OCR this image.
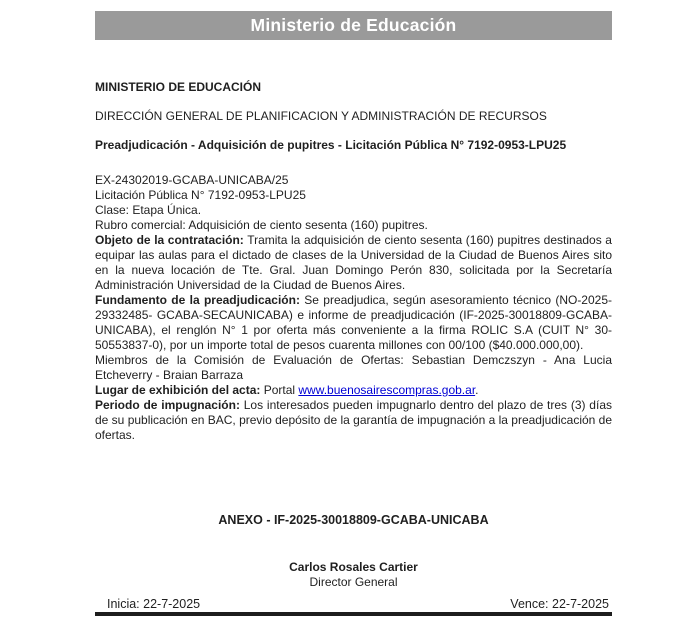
Ministerio de Educación

MINISTERIO DE EDUCACIÓN

DIRECCIÓN GENERAL DE PLANIFICACION Y ADMINISTRACIÓN DE RECURSOS

Preadjudicación - Adquisición de pupitres - Licitación Pública N° 7192-0953-LPU25

EX-24302019-GCABA-UNICABA/25

Licitación Pública N° 7192-0953-LPU25

Clase: Etapa Única.

Rubro comercial: Adquisición de ciento sesenta (160) pupitres.

Objeto de la contratación: Tramita la adquisición de ciento sesenta (160) pupitres destinados a equipar las aulas para el dictado de clases de la Universidad de la Ciudad de Buenos Aires sito en la nueva locación de Tte. Gral. Juan Domingo Perón 830, solicitada por la Secretaría Administración Universidad de la Ciudad de Buenos Aires.

Fundamento de la preadjudicación: Se preadjudica, según asesoramiento técnico (NO-2025-29332485- GCABA-SECAUNICABA) e informe de preadjudicación (IF-2025-30018809-GCABA-UNICABA), el renglón N° 1 por oferta más conveniente a la firma ROLIC S.A (CUIT N° 30-50553837-0), por un importe total de pesos cuarenta millones con 00/100 ($40.000.000,00).

Miembros de la Comisión de Evaluación de Ofertas: Sebastian Demczszyn - Ana Lucia Etcheverry - Braian Barraza

Lugar de exhibición del acta: Portal www.buenosairescompras.gob.ar.

Periodo de impugnación: Los interesados pueden impugnarlo dentro del plazo de tres (3) días de su publicación en BAC, previo depósito de la garantía de impugnación a la preadjudicación de ofertas.

ANEXO - IF-2025-30018809-GCABA-UNICABA

Carlos Rosales Cartier

Director General

Inicia: 22-7-2025	Vence: 22-7-2025
